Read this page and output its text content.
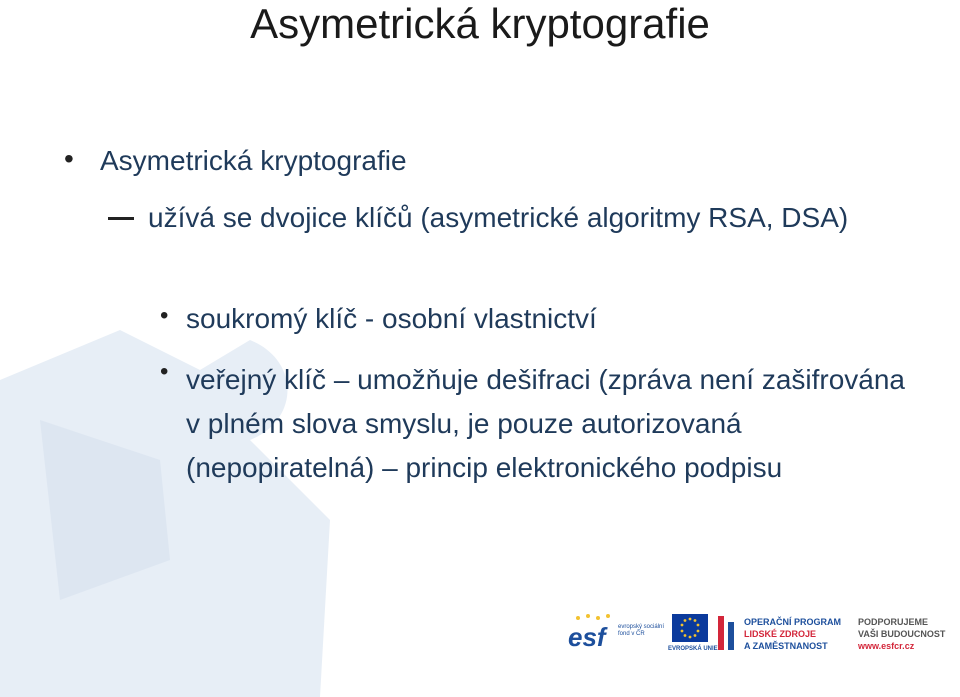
Asymetrická kryptografie
• Asymetrická kryptografie
užívá se dvojice klíčů (asymetrické algoritmy RSA, DSA)
• soukromý klíč - osobní vlastnictví
• veřejný klíč – umožňuje dešifraci (zpráva není zašifrována v plném slova smyslu, je pouze autorizovaná (nepopiratelná) – princip elektronického podpisu
esf evropský sociální fond v ČR
EVROPSKÁ UNIE
OPERAČNÍ PROGRAM
LIDSKÉ ZDROJE
A ZAMĚSTNANOST
PODPORUJEME
VAŠI BUDOUCNOST
www.esfcr.cz
